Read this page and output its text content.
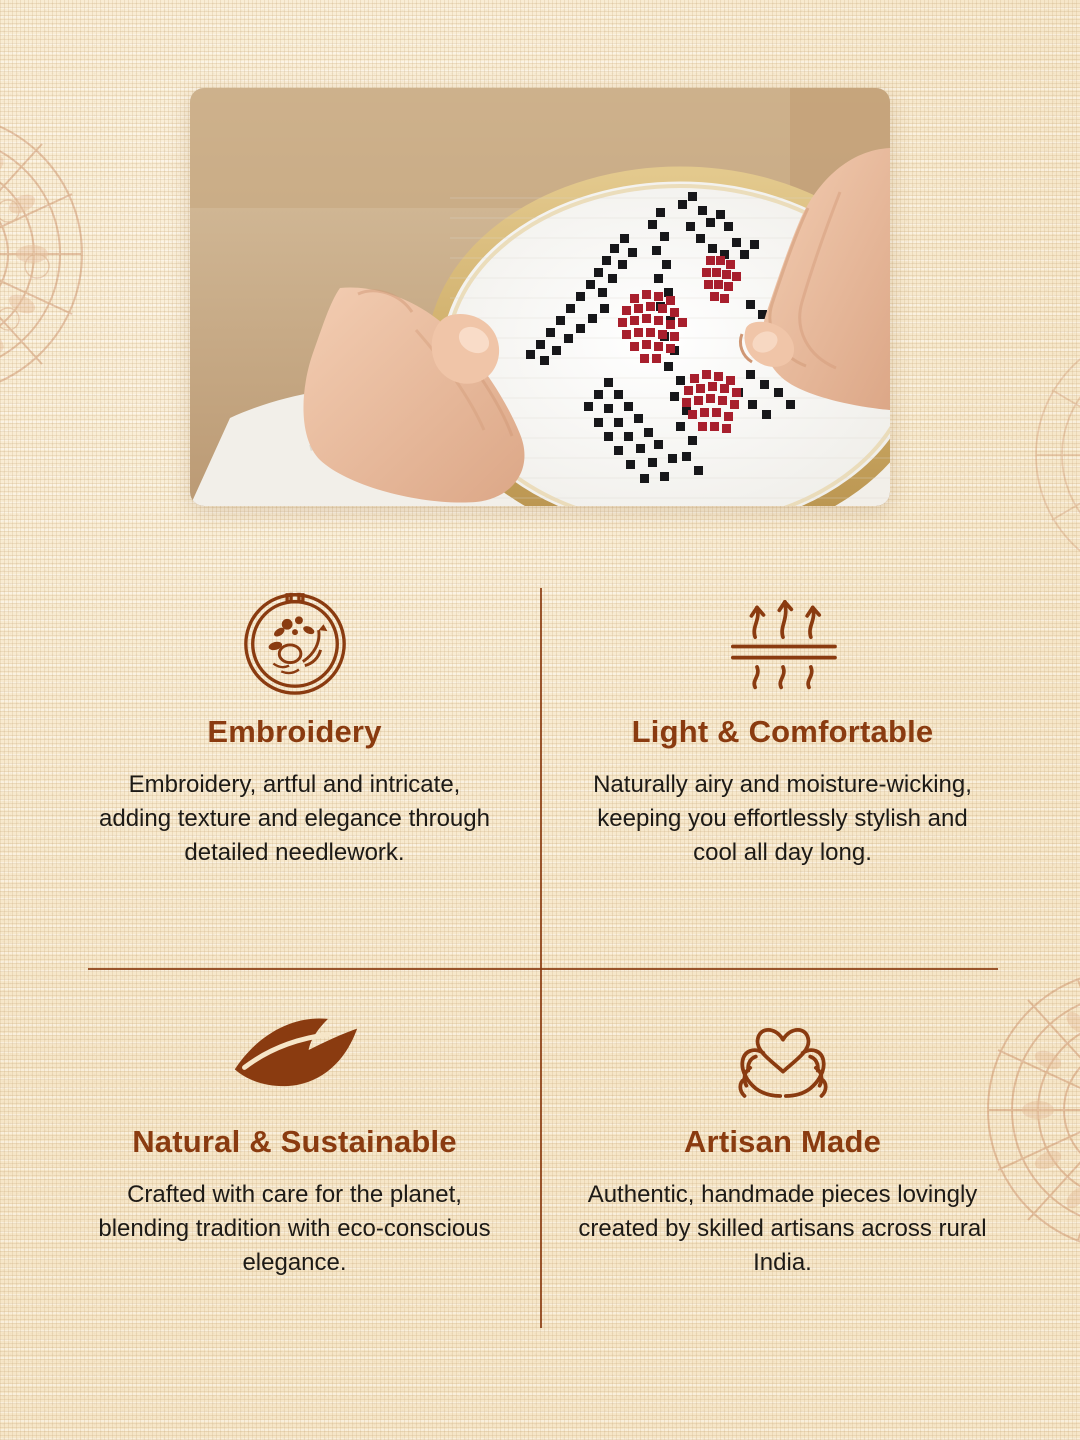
Embroidery
Embroidery, artful and intricate, adding texture and elegance through detailed needlework.
Light & Comfortable
Naturally airy and moisture-wicking, keeping you effortlessly stylish and cool all day long.
Natural & Sustainable
Crafted with care for the planet, blending tradition with eco-conscious elegance.
Artisan Made
Authentic, handmade pieces lovingly created by skilled artisans across rural India.
